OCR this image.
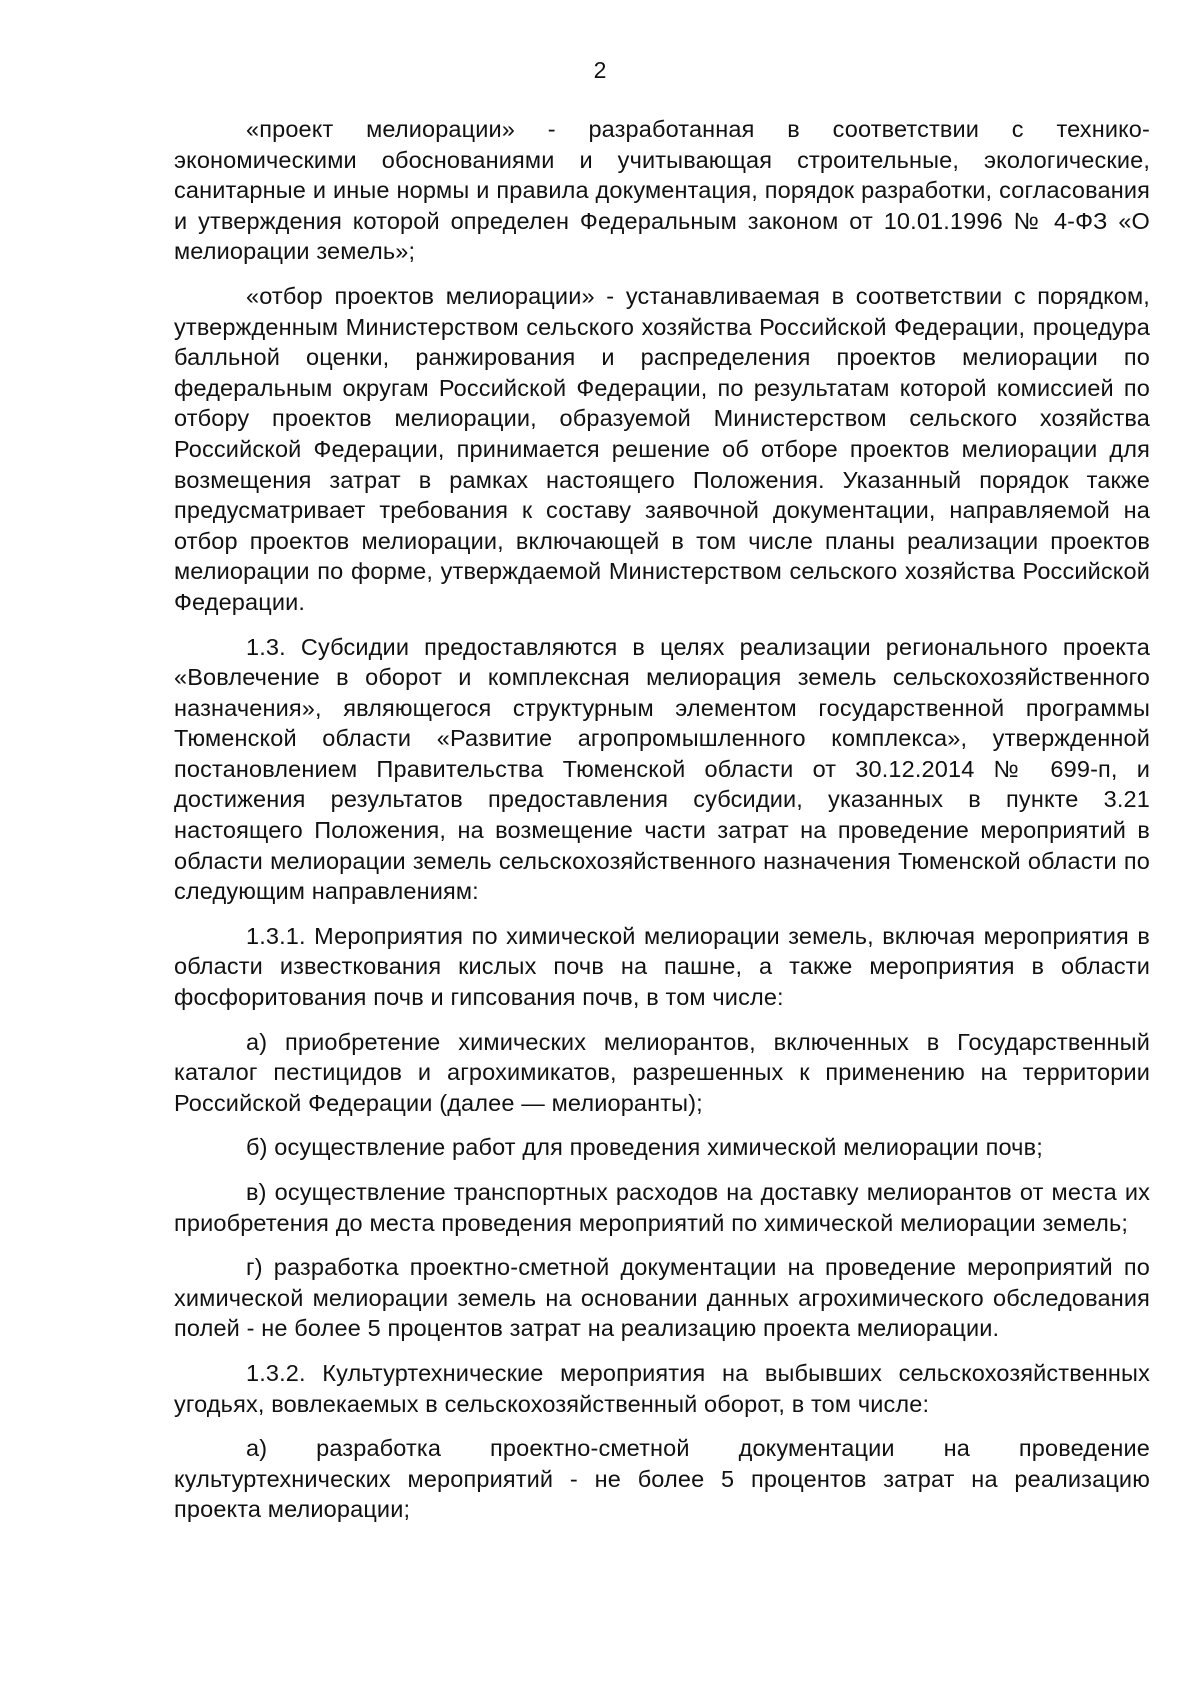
2

«проект мелиорации» - разработанная в соответствии с технико-экономическими обоснованиями и учитывающая строительные, экологические, санитарные и иные нормы и правила документация, порядок разработки, согласования и утверждения которой определен Федеральным законом от 10.01.1996 № 4-ФЗ «О мелиорации земель»;

«отбор проектов мелиорации» - устанавливаемая в соответствии с порядком, утвержденным Министерством сельского хозяйства Российской Федерации, процедура балльной оценки, ранжирования и распределения проектов мелиорации по федеральным округам Российской Федерации, по результатам которой комиссией по отбору проектов мелиорации, образуемой Министерством сельского хозяйства Российской Федерации, принимается решение об отборе проектов мелиорации для возмещения затрат в рамках настоящего Положения. Указанный порядок также предусматривает требования к составу заявочной документации, направляемой на отбор проектов мелиорации, включающей в том числе планы реализации проектов мелиорации по форме, утверждаемой Министерством сельского хозяйства Российской Федерации.

1.3. Субсидии предоставляются в целях реализации регионального проекта «Вовлечение в оборот и комплексная мелиорация земель сельскохозяйственного назначения», являющегося структурным элементом государственной программы Тюменской области «Развитие агропромышленного комплекса», утвержденной постановлением Правительства Тюменской области от 30.12.2014 № 699-п, и достижения результатов предоставления субсидии, указанных в пункте 3.21 настоящего Положения, на возмещение части затрат на проведение мероприятий в области мелиорации земель сельскохозяйственного назначения Тюменской области по следующим направлениям:

1.3.1. Мероприятия по химической мелиорации земель, включая мероприятия в области известкования кислых почв на пашне, а также мероприятия в области фосфоритования почв и гипсования почв, в том числе:

а) приобретение химических мелиорантов, включенных в Государственный каталог пестицидов и агрохимикатов, разрешенных к применению на территории Российской Федерации (далее — мелиоранты);

б) осуществление работ для проведения химической мелиорации почв;

в) осуществление транспортных расходов на доставку мелиорантов от места их приобретения до места проведения мероприятий по химической мелиорации земель;

г) разработка проектно-сметной документации на проведение мероприятий по химической мелиорации земель на основании данных агрохимического обследования полей - не более 5 процентов затрат на реализацию проекта мелиорации.

1.3.2. Культуртехнические мероприятия на выбывших сельскохозяйственных угодьях, вовлекаемых в сельскохозяйственный оборот, в том числе:

а) разработка проектно-сметной документации на проведение культуртехнических мероприятий - не более 5 процентов затрат на реализацию проекта мелиорации;
